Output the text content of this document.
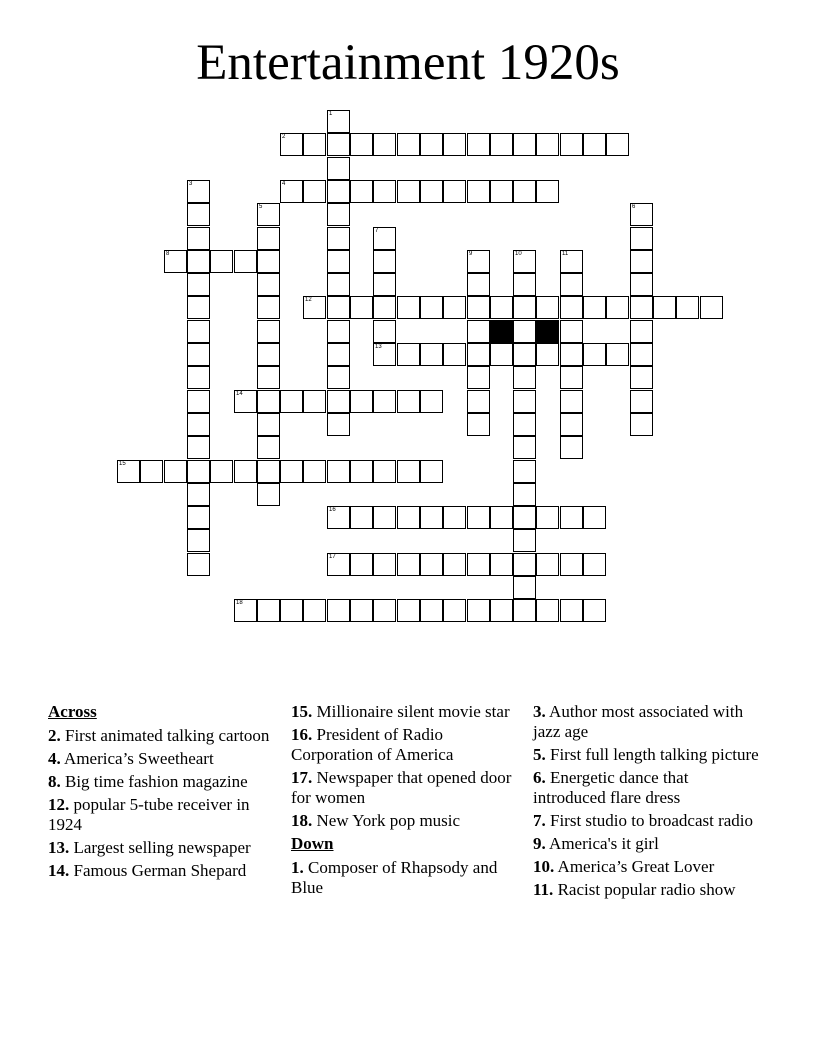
Entertainment 1920s
1
2
3	4
5	6
7
13
8	9	10	11
12
14
15
16
17
18
Across
2. First animated talking cartoon
4. America’s Sweetheart
8. Big time fashion magazine
12. popular 5-tube receiver in 1924
13. Largest selling newspaper
14. Famous German Shepard
15. Millionaire silent movie star
16. President of Radio Corporation of America
17. Newspaper that opened door for women
18. New York pop music
Down
1. Composer of Rhapsody and Blue
3. Author most associated with jazz age
5. First full length talking picture
6. Energetic dance that introduced flare dress
7. First studio to broadcast radio
9. America's it girl
10. America’s Great Lover
11. Racist popular radio show
